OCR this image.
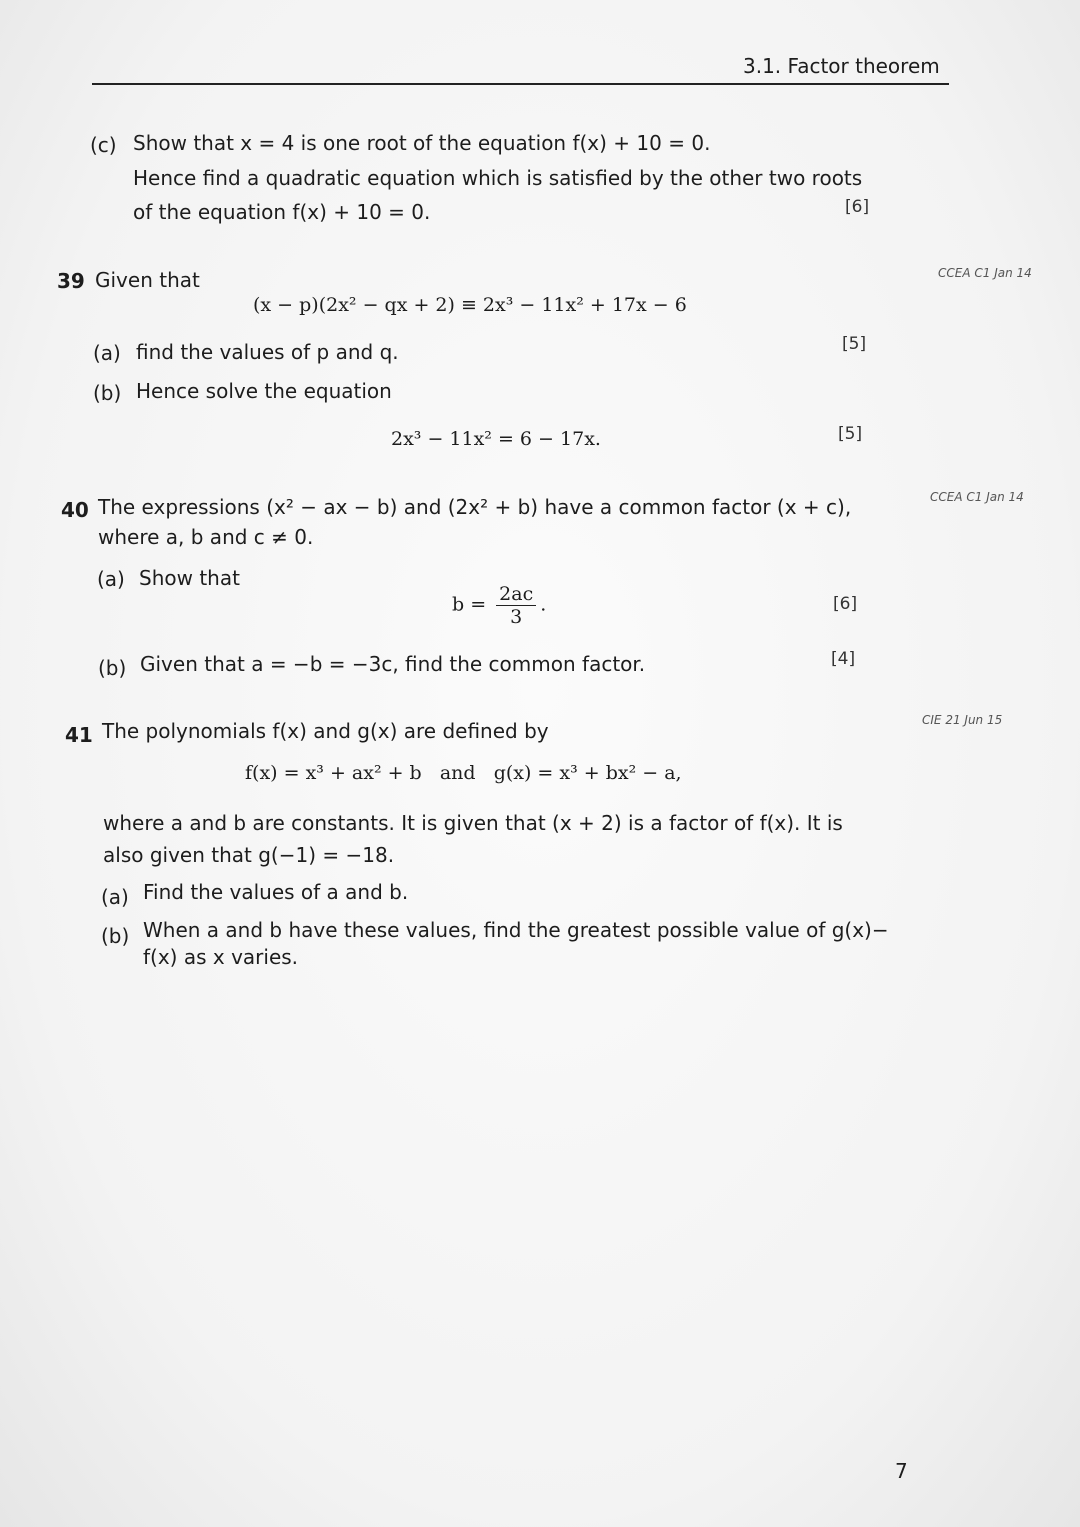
3.1. Factor theorem
(c) Show that x = 4 is one root of the equation f(x) + 10 = 0.
Hence find a quadratic equation which is satisfied by the other two roots
of the equation f(x) + 10 = 0.	[6]
39 Given that	CCEA C1 Jan 14
(x − p)(2x² − qx + 2) ≡ 2x³ − 11x² + 17x − 6
(a) find the values of p and q.	[5]
(b) Hence solve the equation
2x³ − 11x² = 6 − 17x.	[5]
40 The expressions (x² − ax − b) and (2x² + b) have a common factor (x + c),	CCEA C1 Jan 14
where a, b and c ≠ 0.
(a) Show that
$b = \frac{2ac}{3}$ .	[6]
(b) Given that a = −b = −3c, find the common factor.	[4]
41 The polynomials f(x) and g(x) are defined by	CIE 21 Jun 15
f(x) = x³ + ax² + b   and   g(x) = x³ + bx² − a,
where a and b are constants. It is given that (x + 2) is a factor of f(x). It is
also given that g(−1) = −18.
(a) Find the values of a and b.
(b) When a and b have these values, find the greatest possible value of g(x)−
f(x) as x varies.
7
